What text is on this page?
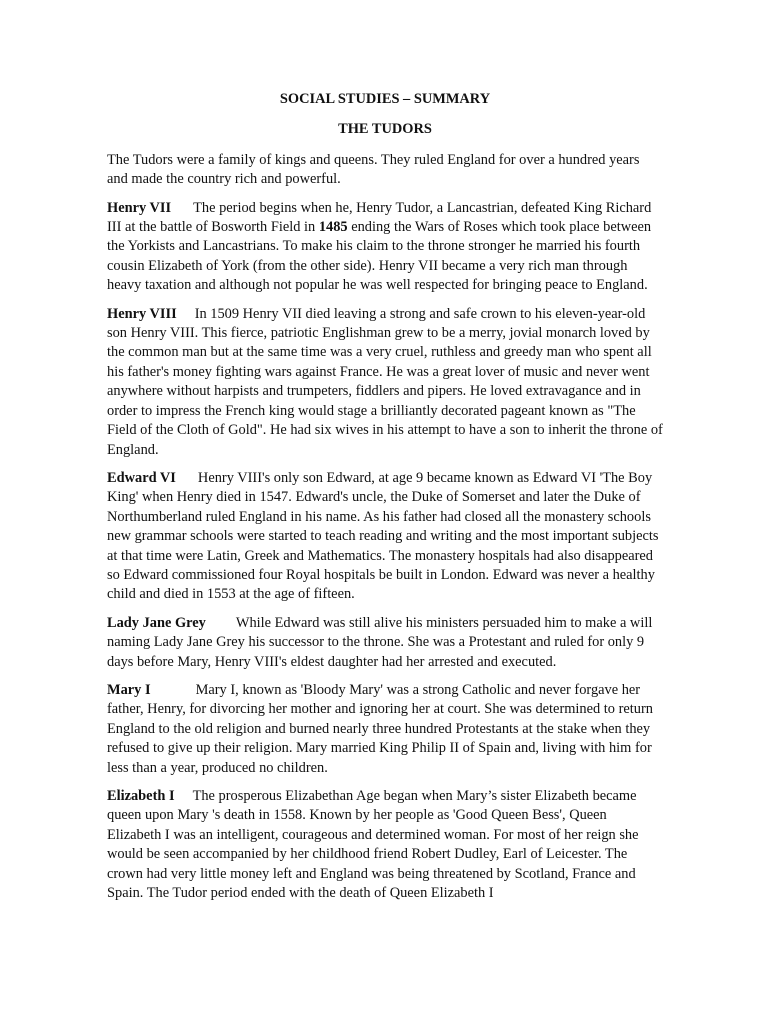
SOCIAL STUDIES – SUMMARY

THE TUDORS

The Tudors were a family of kings and queens. They ruled England for over a hundred years and made the country rich and powerful.

Henry VII The period begins when he, Henry Tudor, a Lancastrian, defeated King Richard III at the battle of Bosworth Field in 1485 ending the Wars of Roses which took place between the Yorkists and Lancastrians. To make his claim to the throne stronger he married his fourth cousin Elizabeth of York (from the other side). Henry VII became a very rich man through heavy taxation and although not popular he was well respected for bringing peace to England.

Henry VIII In 1509 Henry VII died leaving a strong and safe crown to his eleven-year-old son Henry VIII. This fierce, patriotic Englishman grew to be a merry, jovial monarch loved by the common man but at the same time was a very cruel, ruthless and greedy man who spent all his father's money fighting wars against France. He was a great lover of music and never went anywhere without harpists and trumpeters, fiddlers and pipers. He loved extravagance and in order to impress the French king would stage a brilliantly decorated pageant known as "The Field of the Cloth of Gold". He had six wives in his attempt to have a son to inherit the throne of England.

Edward VI Henry VIII's only son Edward, at age 9 became known as Edward VI 'The Boy King' when Henry died in 1547. Edward's uncle, the Duke of Somerset and later the Duke of Northumberland ruled England in his name. As his father had closed all the monastery schools new grammar schools were started to teach reading and writing and the most important subjects at that time were Latin, Greek and Mathematics. The monastery hospitals had also disappeared so Edward commissioned four Royal hospitals be built in London. Edward was never a healthy child and died in 1553 at the age of fifteen.

Lady Jane Grey While Edward was still alive his ministers persuaded him to make a will naming Lady Jane Grey his successor to the throne. She was a Protestant and ruled for only 9 days before Mary, Henry VIII's eldest daughter had her arrested and executed.

Mary I	Mary I, known as 'Bloody Mary' was a strong Catholic and never forgave her father, Henry, for divorcing her mother and ignoring her at court. She was determined to return England to the old religion and burned nearly three hundred Protestants at the stake when they refused to give up their religion. Mary married King Philip II of Spain and, living with him for less than a year, produced no children.

Elizabeth I The prosperous Elizabethan Age began when Mary’s sister Elizabeth became queen upon Mary 's death in 1558. Known by her people as 'Good Queen Bess', Queen Elizabeth I was an intelligent, courageous and determined woman. For most of her reign she would be seen accompanied by her childhood friend Robert Dudley, Earl of Leicester. The crown had very little money left and England was being threatened by Scotland, France and Spain. The Tudor period ended with the death of Queen Elizabeth I
